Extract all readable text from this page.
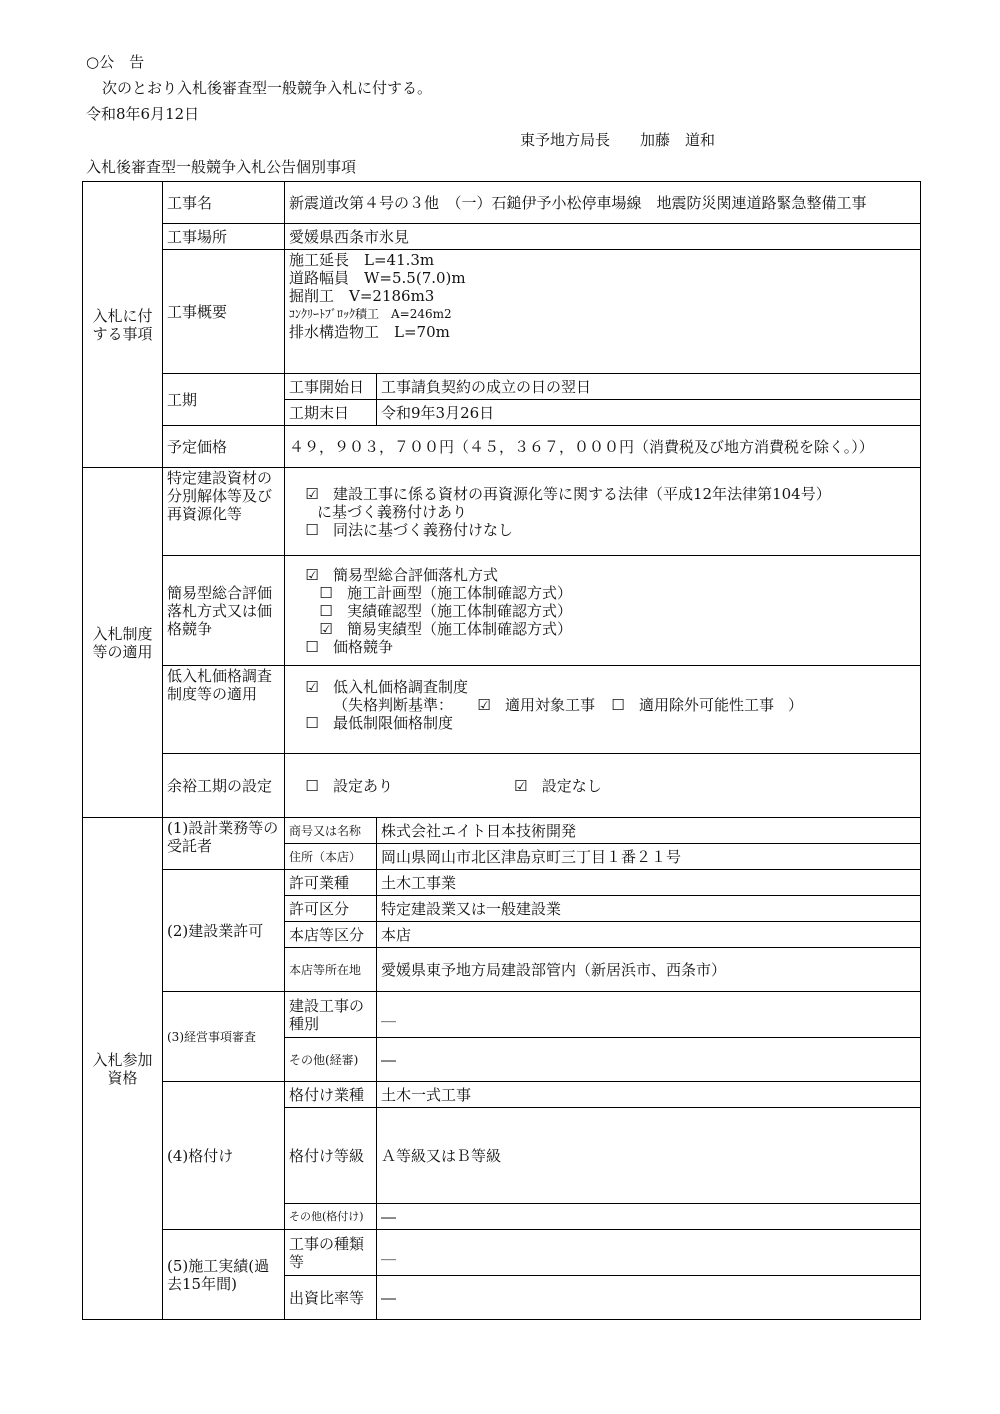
○公　告
次のとおり入札後審査型一般競争入札に付する。
令和8年6月12日
東予地方局長　　加藤　道和
入札後審査型一般競争入札公告個別事項
入札に付する事項	工事名	新震道改第４号の３他　（一）石鎚伊予小松停車場線　地震防災関連道路緊急整備工事	
	工事場所	愛媛県西条市氷見	
	工事概要	施工延長　L=41.3m
道路幅員　W=5.5(7.0)m
掘削工　V=2186m3
ｺﾝｸﾘｰﾄﾌﾞﾛｯｸ積工　A=246m2
排水構造物工　L=70m	

	工期	工事開始日	工事請負契約の成立の日の翌日
		工期末日	令和9年3月26日
	予定価格	４９，９０３，７００円（４５，３６７，０００円（消費税及び地方消費税を除く。））	
入札制度等の適用	特定建設資材の分別解体等及び再資源化等	☑ 建設工事に係る資材の再資源化等に関する法律（平成12年法律第104号）
に基づく義務付けあり
☐ 同法に基づく義務付けなし	

	簡易型総合評価落札方式又は価格競争	☑ 簡易型総合評価落札方式
☐ 施工計画型（施工体制確認方式）
☐ 実績確認型（施工体制確認方式）
☑ 簡易実績型（施工体制確認方式）
☐ 価格競争	

	低入札価格調査制度等の適用	☑ 低入札価格調査制度
（失格判断基準： ☑ 適用対象工事 ☐ 適用除外可能性工事 ）
☐ 最低制限価格制度	

	余裕工期の設定	☐ 設定あり ☑ 設定なし	
入札参加資格	(1)設計業務等の受託者	商号又は名称	株式会社エイト日本技術開発
		住所（本店）	岡山県岡山市北区津島京町三丁目１番２１号
	(2)建設業許可	許可業種	土木工事業
		許可区分	特定建設業又は一般建設業
		本店等区分	本店
		本店等所在地	愛媛県東予地方局建設部管内（新居浜市、西条市）
	(3)経営事項審査	建設工事の種別	＿
		その他(経審)	―
	(4)格付け	格付け業種	土木一式工事
		格付け等級	Ａ等級又はＢ等級
		その他(格付け)	―
	(5)施工実績(過去15年間)	工事の種類等	＿
		出資比率等	―
